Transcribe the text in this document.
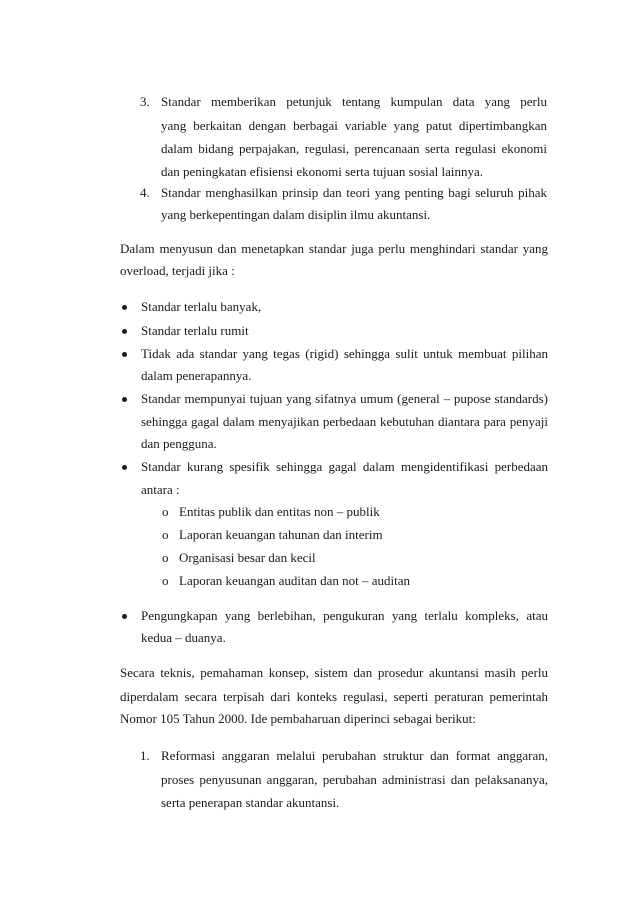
3. Standar memberikan petunjuk tentang kumpulan data yang perlu
yang berkaitan dengan berbagai variable yang patut dipertimbangkan
dalam bidang perpajakan, regulasi, perencanaan serta regulasi ekonomi
dan peningkatan efisiensi ekonomi serta tujuan sosial lainnya.
4. Standar menghasilkan prinsip dan teori yang penting bagi seluruh pihak
yang berkepentingan dalam disiplin ilmu akuntansi.
Dalam menyusun dan menetapkan standar juga perlu menghindari standar yang
overload, terjadi jika :
Standar terlalu banyak,
Standar terlalu rumit
Tidak ada standar yang tegas (rigid) sehingga sulit untuk membuat pilihan
dalam penerapannya.
Standar mempunyai tujuan yang sifatnya umum (general – pupose standards)
sehingga gagal dalam menyajikan perbedaan kebutuhan diantara para penyaji
dan pengguna.
Standar kurang spesifik sehingga gagal dalam mengidentifikasi perbedaan
antara :
o Entitas publik dan entitas non – publik
o Laporan keuangan tahunan dan interim
o Organisasi besar dan kecil
o Laporan keuangan auditan dan not – auditan
Pengungkapan yang berlebihan, pengukuran yang terlalu kompleks, atau
kedua – duanya.
Secara teknis, pemahaman konsep, sistem dan prosedur akuntansi masih perlu
diperdalam secara terpisah dari konteks regulasi, seperti peraturan pemerintah
Nomor 105 Tahun 2000. Ide pembaharuan diperinci sebagai berikut:
1. Reformasi anggaran melalui perubahan struktur dan format anggaran,
proses penyusunan anggaran, perubahan administrasi dan pelaksananya,
serta penerapan standar akuntansi.
